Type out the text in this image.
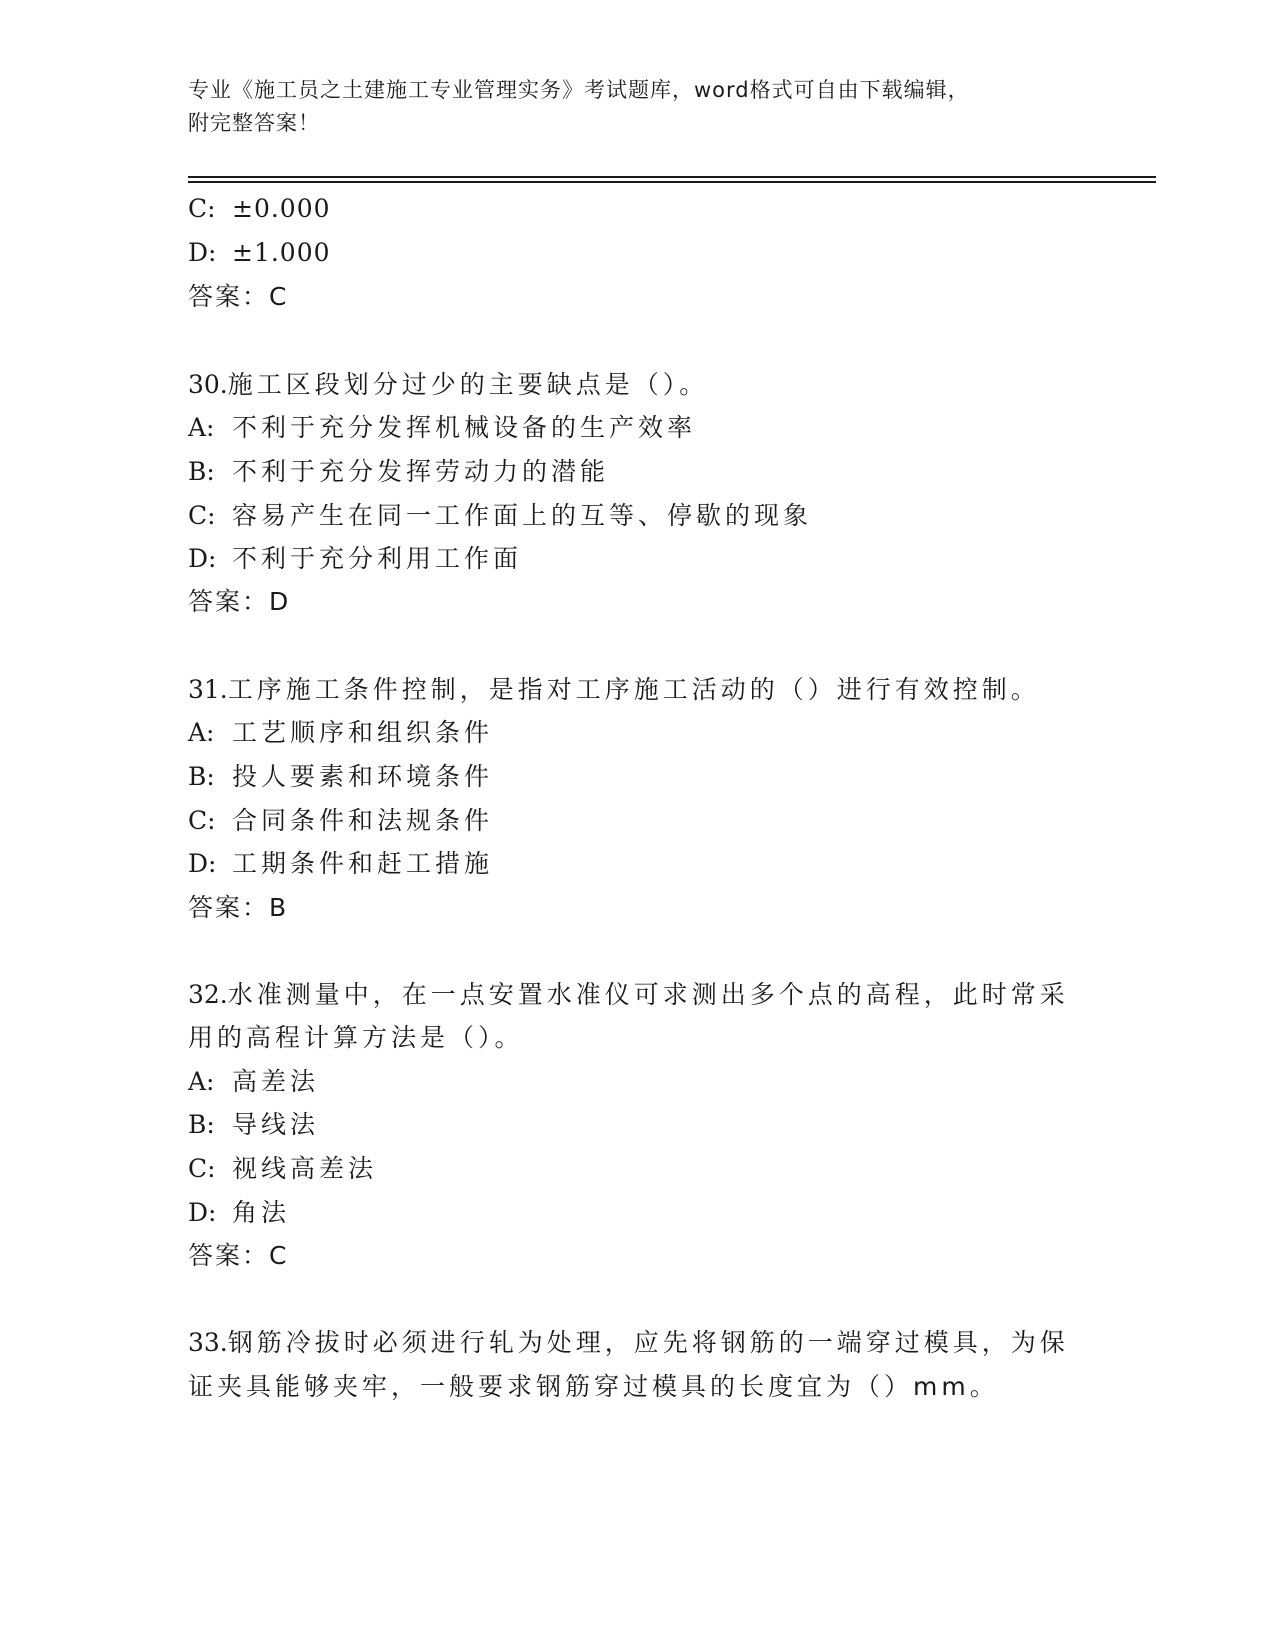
专业《施工员之土建施工专业管理实务》考试题库，word格式可自由下载编辑，
附完整答案！
C: ±0.000
D: ±1.000
答案：C
30.施工区段划分过少的主要缺点是（）。
A: 不利于充分发挥机械设备的生产效率
B: 不利于充分发挥劳动力的潜能
C: 容易产生在同一工作面上的互等、停歇的现象
D: 不利于充分利用工作面
答案：D
31.工序施工条件控制，是指对工序施工活动的（）进行有效控制。
A: 工艺顺序和组织条件
B: 投人要素和环境条件
C: 合同条件和法规条件
D: 工期条件和赶工措施
答案：B
32.水准测量中，在一点安置水准仪可求测出多个点的高程，此时常采
用的高程计算方法是（）。
A: 高差法
B: 导线法
C: 视线高差法
D: 角法
答案：C
33.钢筋冷拔时必须进行轧为处理，应先将钢筋的一端穿过模具，为保
证夹具能够夹牢，一般要求钢筋穿过模具的长度宜为（）mm。
